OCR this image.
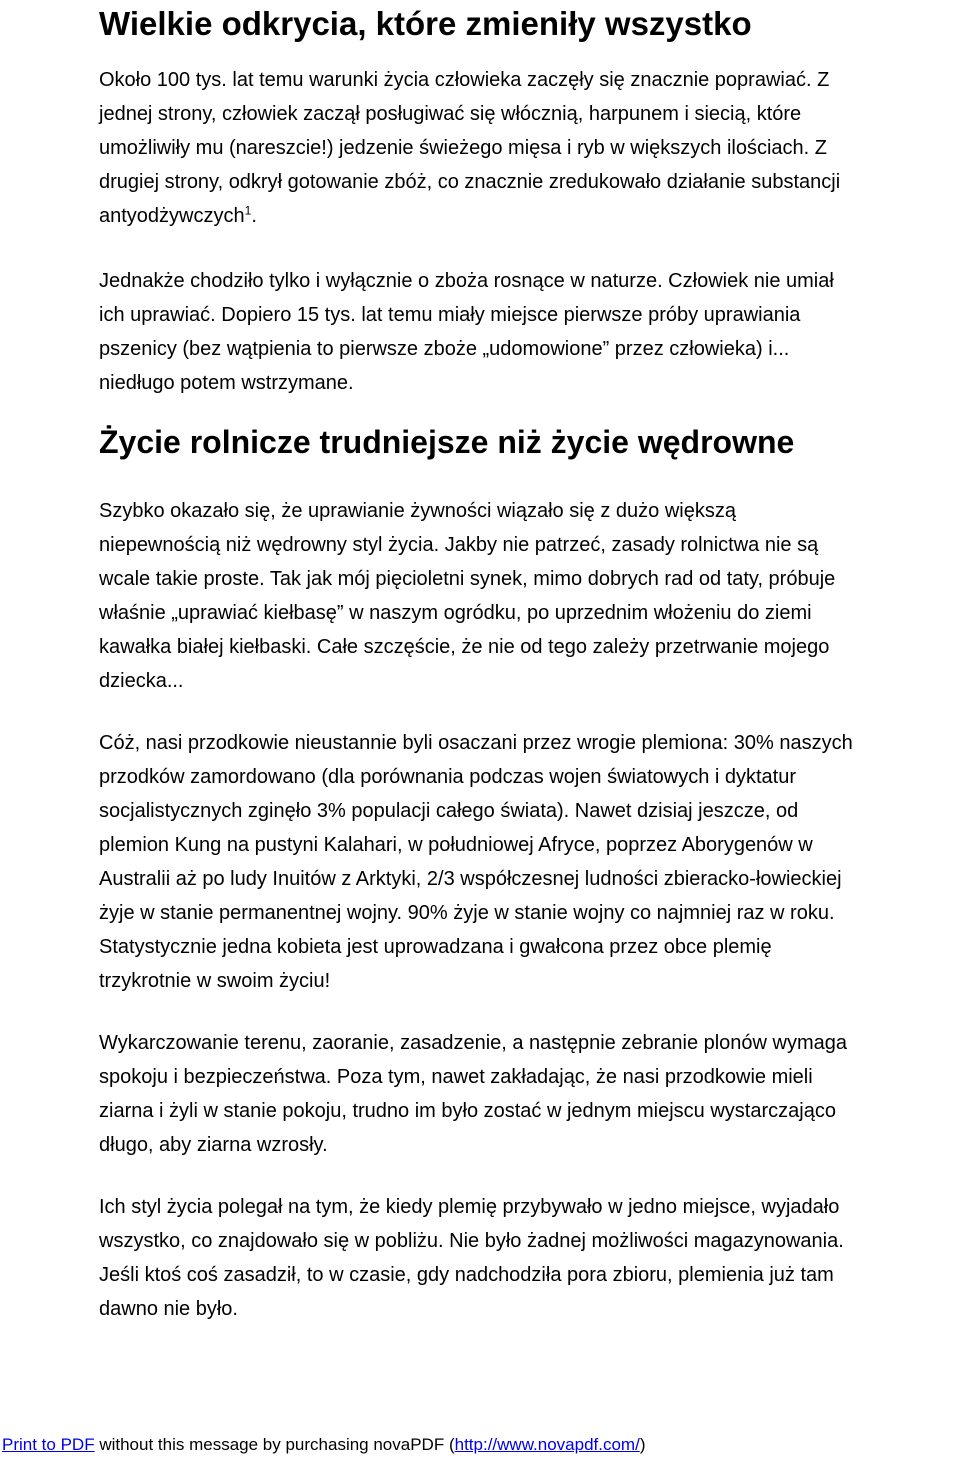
Wielkie odkrycia, które zmieniły wszystko

Około 100 tys. lat temu warunki życia człowieka zaczęły się znacznie poprawiać. Z
jednej strony, człowiek zaczął posługiwać się włócznią, harpunem i siecią, które
umożliwiły mu (nareszcie!) jedzenie świeżego mięsa i ryb w większych ilościach. Z
drugiej strony, odkrył gotowanie zbóż, co znacznie zredukowało działanie substancji
antyodżywczych$^1$.

Jednakże chodziło tylko i wyłącznie o zboża rosnące w naturze. Człowiek nie umiał
ich uprawiać. Dopiero 15 tys. lat temu miały miejsce pierwsze próby uprawiania
pszenicy (bez wątpienia to pierwsze zboże „udomowione” przez człowieka) i...
niedługo potem wstrzymane.

Życie rolnicze trudniejsze niż życie wędrowne

Szybko okazało się, że uprawianie żywności wiązało się z dużo większą
niepewnością niż wędrowny styl życia. Jakby nie patrzeć, zasady rolnictwa nie są
wcale takie proste. Tak jak mój pięcioletni synek, mimo dobrych rad od taty, próbuje
właśnie „uprawiać kiełbasę” w naszym ogródku, po uprzednim włożeniu do ziemi
kawałka białej kiełbaski. Całe szczęście, że nie od tego zależy przetrwanie mojego
dziecka...

Cóż, nasi przodkowie nieustannie byli osaczani przez wrogie plemiona: 30% naszych
przodków zamordowano (dla porównania podczas wojen światowych i dyktatur
socjalistycznych zginęło 3% populacji całego świata). Nawet dzisiaj jeszcze, od
plemion Kung na pustyni Kalahari, w południowej Afryce, poprzez Aborygenów w
Australii aż po ludy Inuitów z Arktyki, 2/3 współczesnej ludności zbieracko-łowieckiej
żyje w stanie permanentnej wojny. 90% żyje w stanie wojny co najmniej raz w roku.
Statystycznie jedna kobieta jest uprowadzana i gwałcona przez obce plemię
trzykrotnie w swoim życiu!

Wykarczowanie terenu, zaoranie, zasadzenie, a następnie zebranie plonów wymaga
spokoju i bezpieczeństwa. Poza tym, nawet zakładając, że nasi przodkowie mieli
ziarna i żyli w stanie pokoju, trudno im było zostać w jednym miejscu wystarczająco
długo, aby ziarna wzrosły.

Ich styl życia polegał na tym, że kiedy plemię przybywało w jedno miejsce, wyjadało
wszystko, co znajdowało się w pobliżu. Nie było żadnej możliwości magazynowania.
Jeśli ktoś coś zasadził, to w czasie, gdy nadchodziła pora zbioru, plemienia już tam
dawno nie było.

Print to PDF without this message by purchasing novaPDF (http://www.novapdf.com/)
